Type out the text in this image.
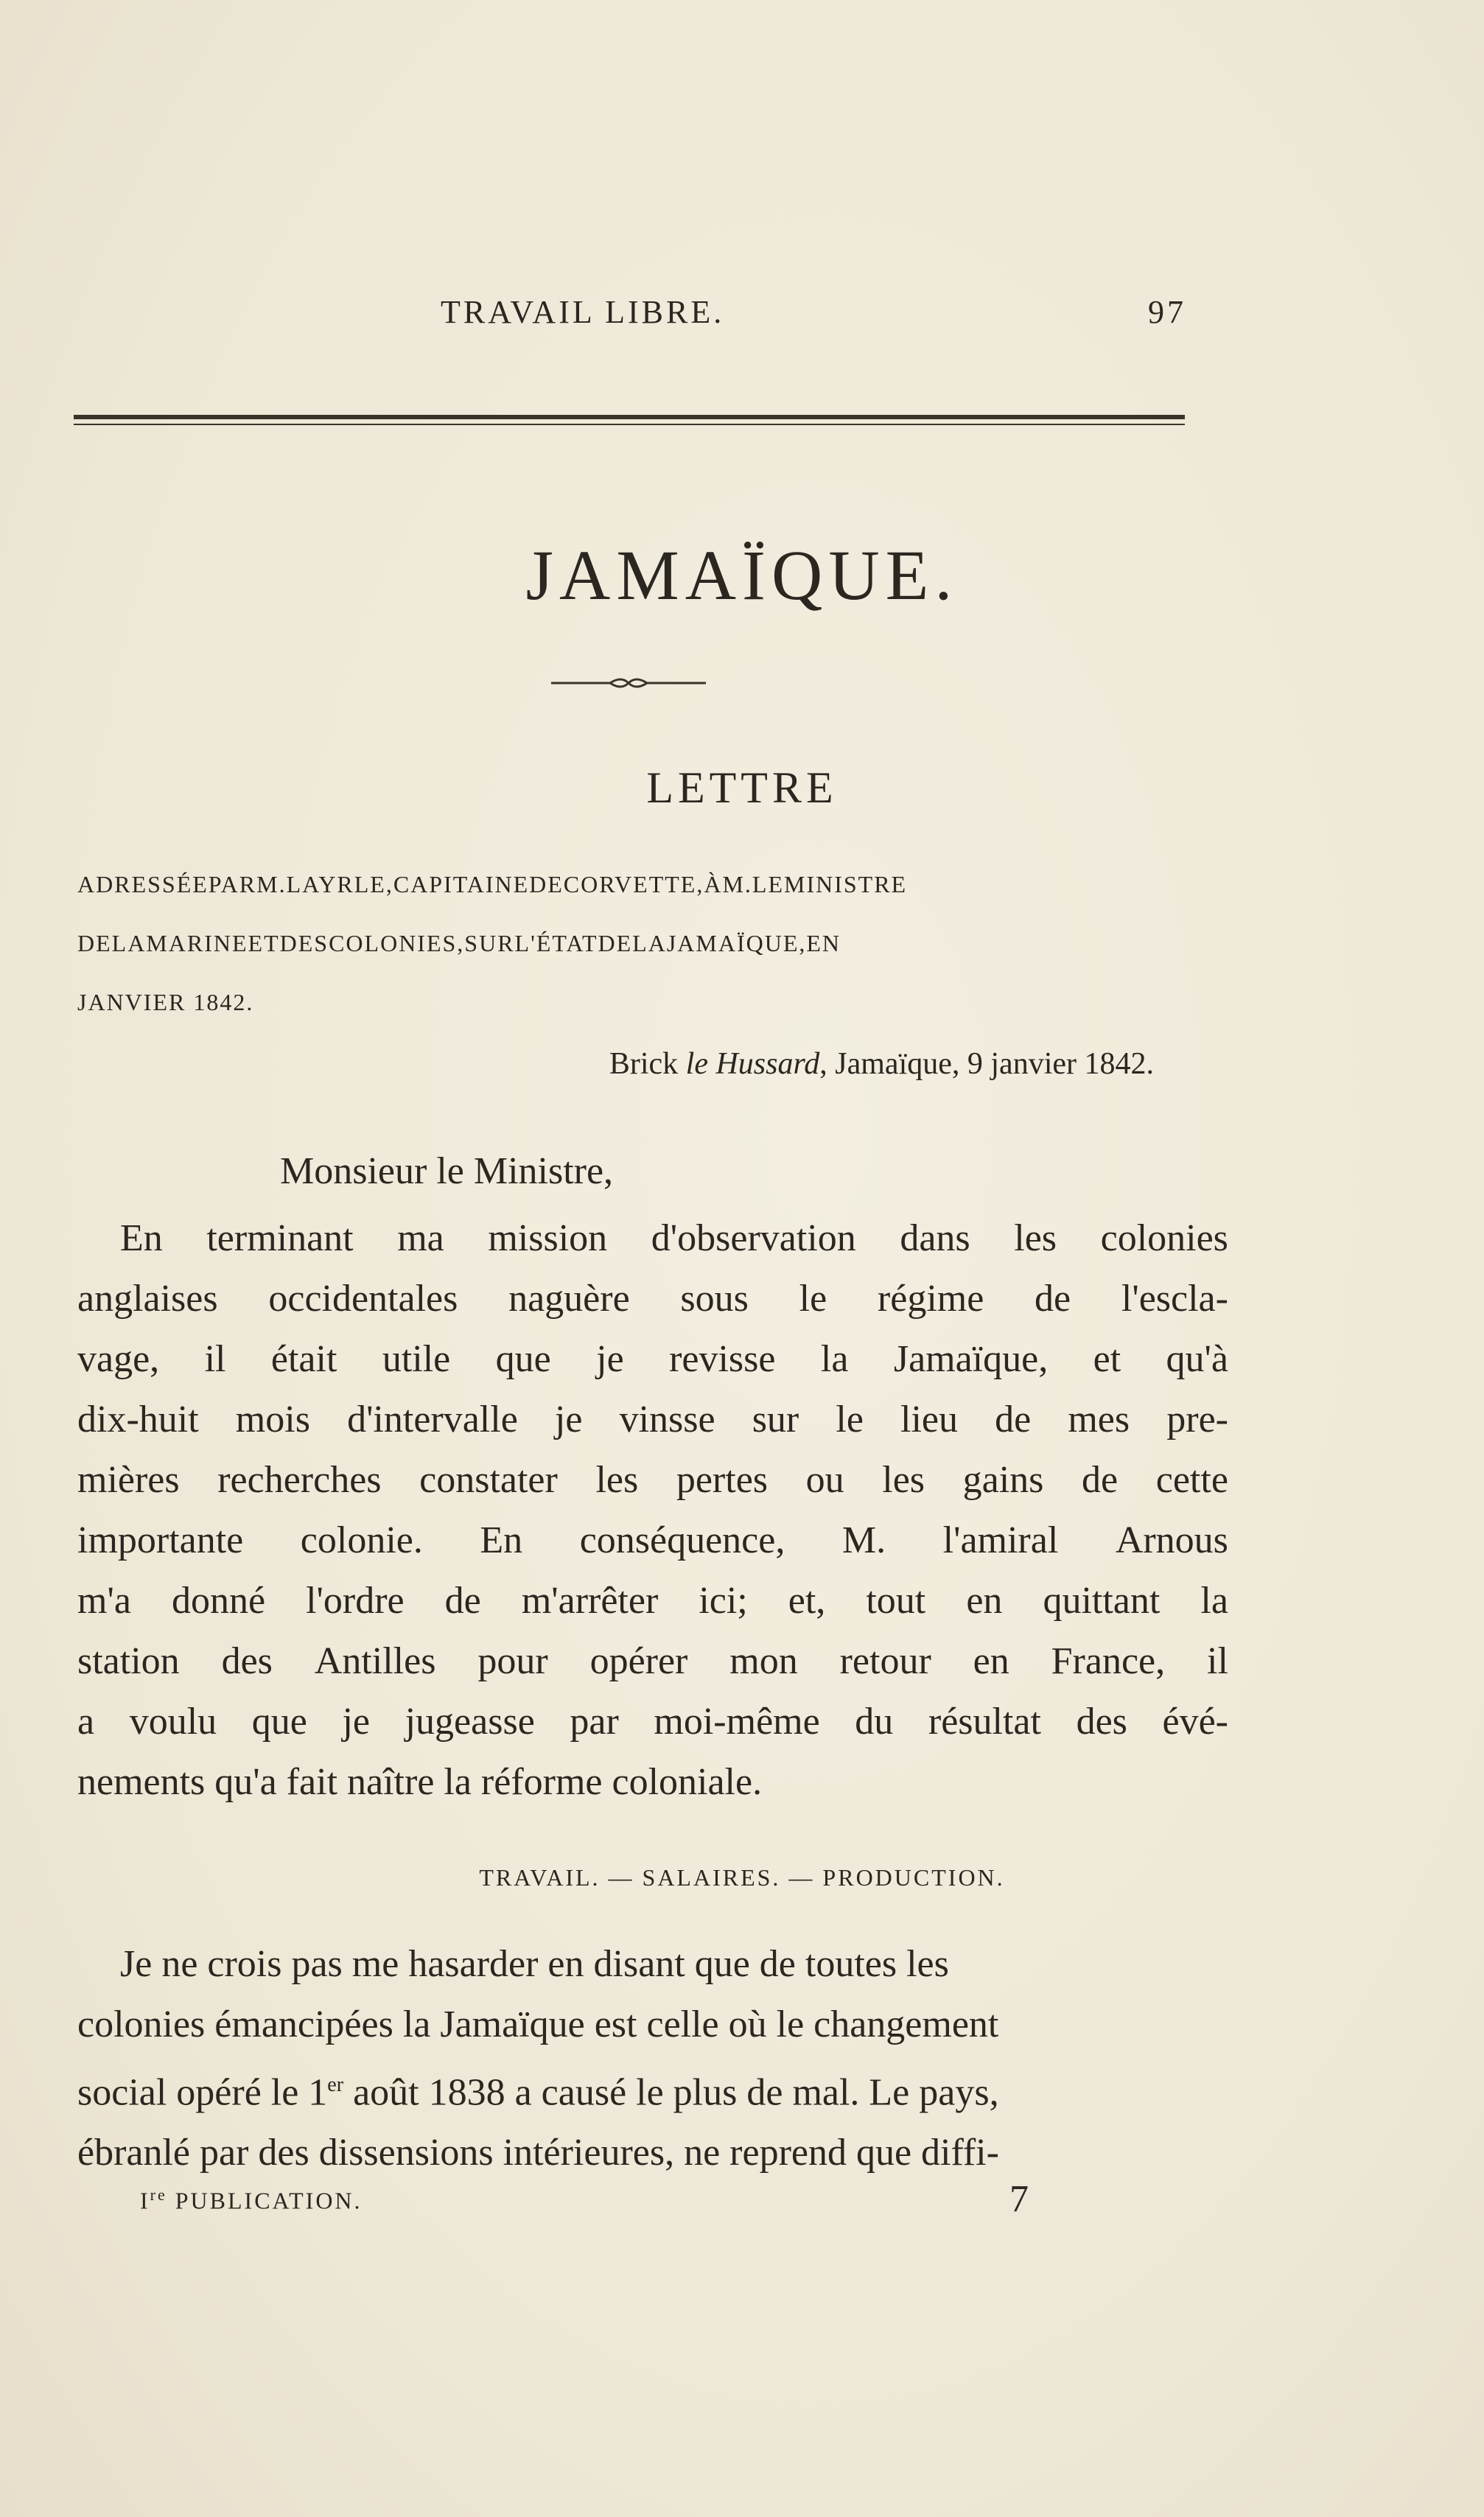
TRAVAIL LIBRE.	97
JAMAÏQUE.
LETTRE
ADRESSÉEPARM.LAYRLE,CAPITAINEDECORVETTE,ÀM.LEMINISTRE
DELAMARINEETDESCOLONIES,SURL'ÉTATDELAJAMAÏQUE,EN
JANVIER 1842.
Brick le Hussard, Jamaïque, 9 janvier 1842.
Monsieur le Ministre,
En terminant ma mission d'observation dans les colonies
anglaises occidentales naguère sous le régime de l'escla-
vage, il était utile que je revisse la Jamaïque, et qu'à
dix-huit mois d'intervalle je vinsse sur le lieu de mes pre-
mières recherches constater les pertes ou les gains de cette
importante colonie. En conséquence, M. l'amiral Arnous
m'a donné l'ordre de m'arrêter ici; et, tout en quittant la
station des Antilles pour opérer mon retour en France, il
a voulu que je jugeasse par moi-même du résultat des évé-
nements qu'a fait naître la réforme coloniale.
TRAVAIL. — SALAIRES. — PRODUCTION.
Je ne crois pas me hasarder en disant que de toutes les
colonies émancipées la Jamaïque est celle où le changement
social opéré le 1er août 1838 a causé le plus de mal. Le pays,
ébranlé par des dissensions intérieures, ne reprend que diffi-
Ire PUBLICATION.	7
